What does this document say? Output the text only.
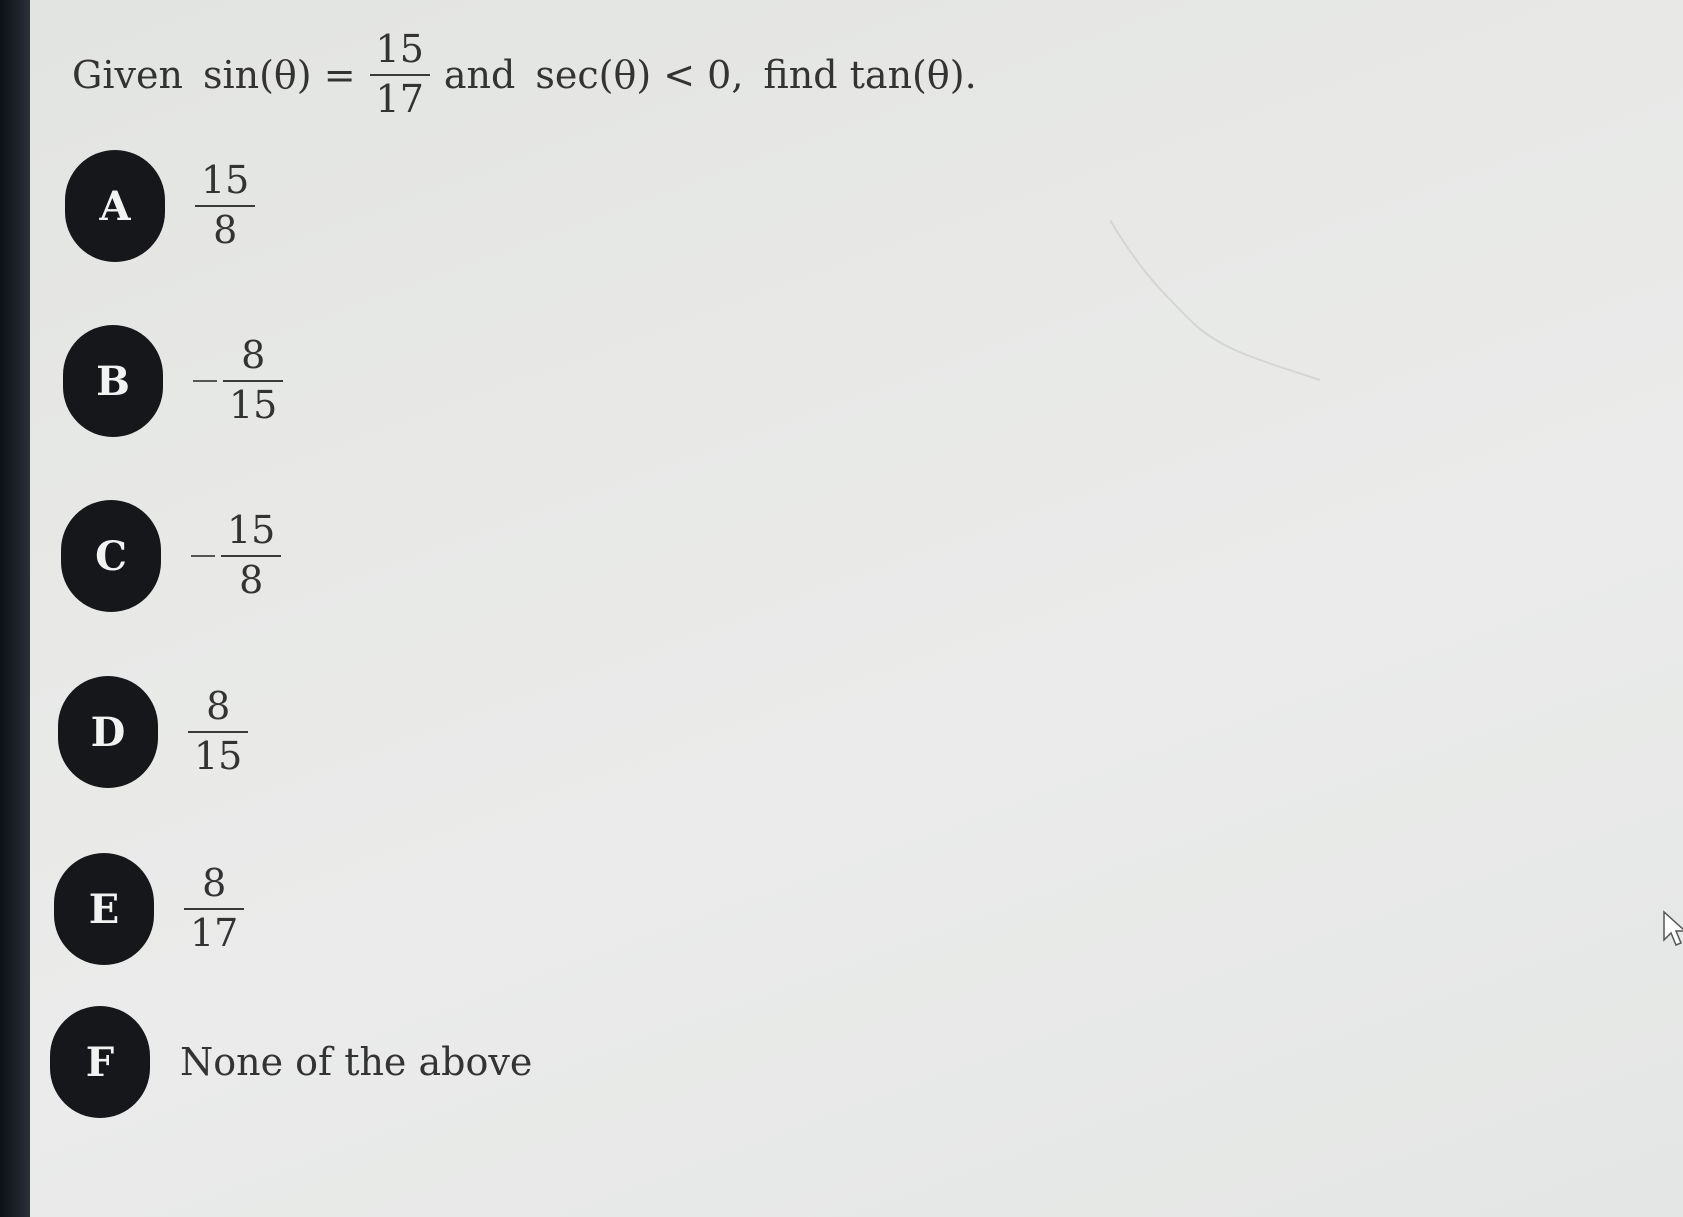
Given $\sin(\theta) = \frac{15}{17}$ and sec(θ) < 0, find tan(θ).
A	$\frac{15}{8}$
B	$\frac{8}{15}$
C	$\frac{15}{8}$
D	$\frac{8}{15}$
E	$\frac{8}{17}$
F	None of the above
